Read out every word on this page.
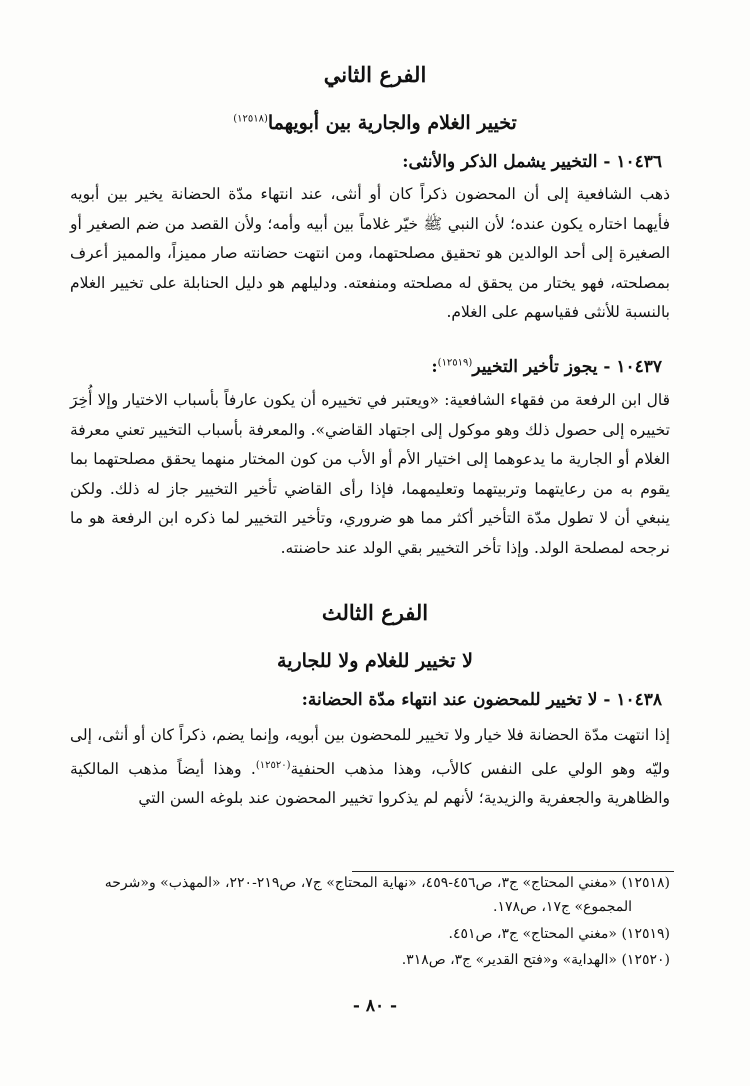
الفرع الثاني
تخيير الغلام والجارية بين أبويهما$^{(١٢٥١٨)}$
١٠٤٣٦ - التخيير يشمل الذكر والأنثى:
ذهب الشافعية إلى أن المحضون ذكراً كان أو أنثى، عند انتهاء مدّة الحضانة يخير بين أبويه فأيهما اختاره يكون عنده؛ لأن النبي ﷺ خيّر غلاماً بين أبيه وأمه؛ ولأن القصد من ضم الصغير أو الصغيرة إلى أحد الوالدين هو تحقيق مصلحتهما، ومن انتهت حضانته صار مميزاً، والمميز أعرف بمصلحته، فهو يختار من يحقق له مصلحته ومنفعته. ودليلهم هو دليل الحنابلة على تخيير الغلام بالنسبة للأنثى فقياسهم على الغلام.
١٠٤٣٧ - يجوز تأخير التخيير$^{(١٢٥١٩)}$:
قال ابن الرفعة من فقهاء الشافعية: «ويعتبر في تخييره أن يكون عارفاً بأسباب الاختيار وإلا أُخِرَ تخييره إلى حصول ذلك وهو موكول إلى اجتهاد القاضي». والمعرفة بأسباب التخيير تعني معرفة الغلام أو الجارية ما يدعوهما إلى اختيار الأم أو الأب من كون المختار منهما يحقق مصلحتهما بما يقوم به من رعايتهما وتربيتهما وتعليمهما، فإذا رأى القاضي تأخير التخيير جاز له ذلك. ولكن ينبغي أن لا تطول مدّة التأخير أكثر مما هو ضروري، وتأخير التخيير لما ذكره ابن الرفعة هو ما نرجحه لمصلحة الولد. وإذا تأخر التخيير بقي الولد عند حاضنته.
الفرع الثالث
لا تخيير للغلام ولا للجارية
١٠٤٣٨ - لا تخيير للمحضون عند انتهاء مدّة الحضانة:
إذا انتهت مدّة الحضانة فلا خيار ولا تخيير للمحضون بين أبويه، وإنما يضم، ذكراً كان أو أنثى، إلى وليّه وهو الولي على النفس كالأب، وهذا مذهب الحنفية$^{(١٢٥٢٠)}$. وهذا أيضاً مذهب المالكية والظاهرية والجعفرية والزيدية؛ لأنهم لم يذكروا تخيير المحضون عند بلوغه السن التي
(١٢٥١٨) «مغني المحتاج» ج٣، ص٤٥٦-٤٥٩، «نهاية المحتاج» ج٧، ص٢١٩-٢٢٠، «المهذب» و«شرحه
المجموع» ج١٧، ص١٧٨.
(١٢٥١٩) «مغني المحتاج» ج٣، ص٤٥١.
(١٢٥٢٠) «الهداية» و«فتح القدير» ج٣، ص٣١٨.
- ٨٠ -
